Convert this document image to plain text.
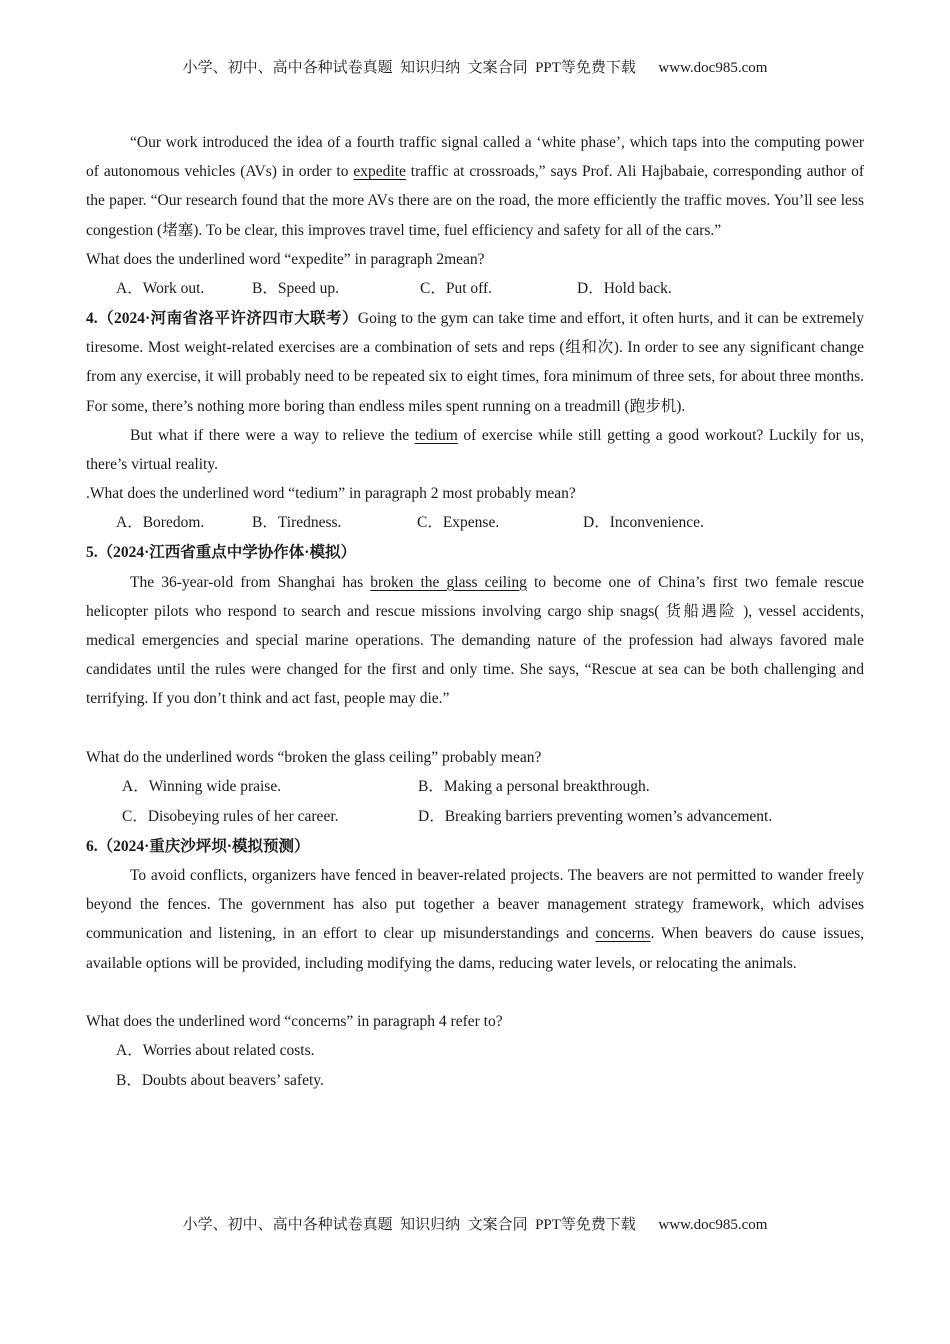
小学、初中、高中各种试卷真题  知识归纳  文案合同  PPT等免费下载      www.doc985.com

“Our work introduced the idea of a fourth traffic signal called a ‘white phase’, which taps into the computing power of autonomous vehicles (AVs) in order to expedite traffic at crossroads,” says Prof. Ali Hajbabaie, corresponding author of the paper. “Our research found that the more AVs there are on the road, the more efficiently the traffic moves. You’ll see less congestion (堵塞). To be clear, this improves travel time, fuel efficiency and safety for all of the cars.”

What does the underlined word “expedite” in paragraph 2mean?

A．Work out.	B．Speed up.	C．Put off.	D．Hold back.

4.（2024·河南省洛平许济四市大联考）Going to the gym can take time and effort, it often hurts, and it can be extremely tiresome. Most weight-related exercises are a combination of sets and reps (组和次). In order to see any significant change from any exercise, it will probably need to be repeated six to eight times, fora minimum of three sets, for about three months. For some, there’s nothing more boring than endless miles spent running on a treadmill (跑步机).

But what if there were a way to relieve the tedium of exercise while still getting a good workout? Luckily for us, there’s virtual reality.

.What does the underlined word “tedium” in paragraph 2 most probably mean?

A．Boredom.	B．Tiredness.	C．Expense.	D．Inconvenience.

5.（2024·江西省重点中学协作体·模拟）

The 36-year-old from Shanghai has broken the glass ceiling to become one of China’s first two female rescue helicopter pilots who respond to search and rescue missions involving cargo ship snags( 货船遇险 ), vessel accidents, medical emergencies and special marine operations. The demanding nature of the profession had always favored male candidates until the rules were changed for the first and only time. She says, “Rescue at sea can be both challenging and terrifying. If you don’t think and act fast, people may die.”

What do the underlined words “broken the glass ceiling” probably mean?

A．Winning wide praise.	B．Making a personal breakthrough.
C．Disobeying rules of her career.	D．Breaking barriers preventing women’s advancement.

6.（2024·重庆沙坪坝·模拟预测）

To avoid conflicts, organizers have fenced in beaver-related projects. The beavers are not permitted to wander freely beyond the fences. The government has also put together a beaver management strategy framework, which advises communication and listening, in an effort to clear up misunderstandings and concerns. When beavers do cause issues, available options will be provided, including modifying the dams, reducing water levels, or relocating the animals.

What does the underlined word “concerns” in paragraph 4 refer to?

A．Worries about related costs.
B．Doubts about beavers’ safety.
小学、初中、高中各种试卷真题  知识归纳  文案合同  PPT等免费下载      www.doc985.com
